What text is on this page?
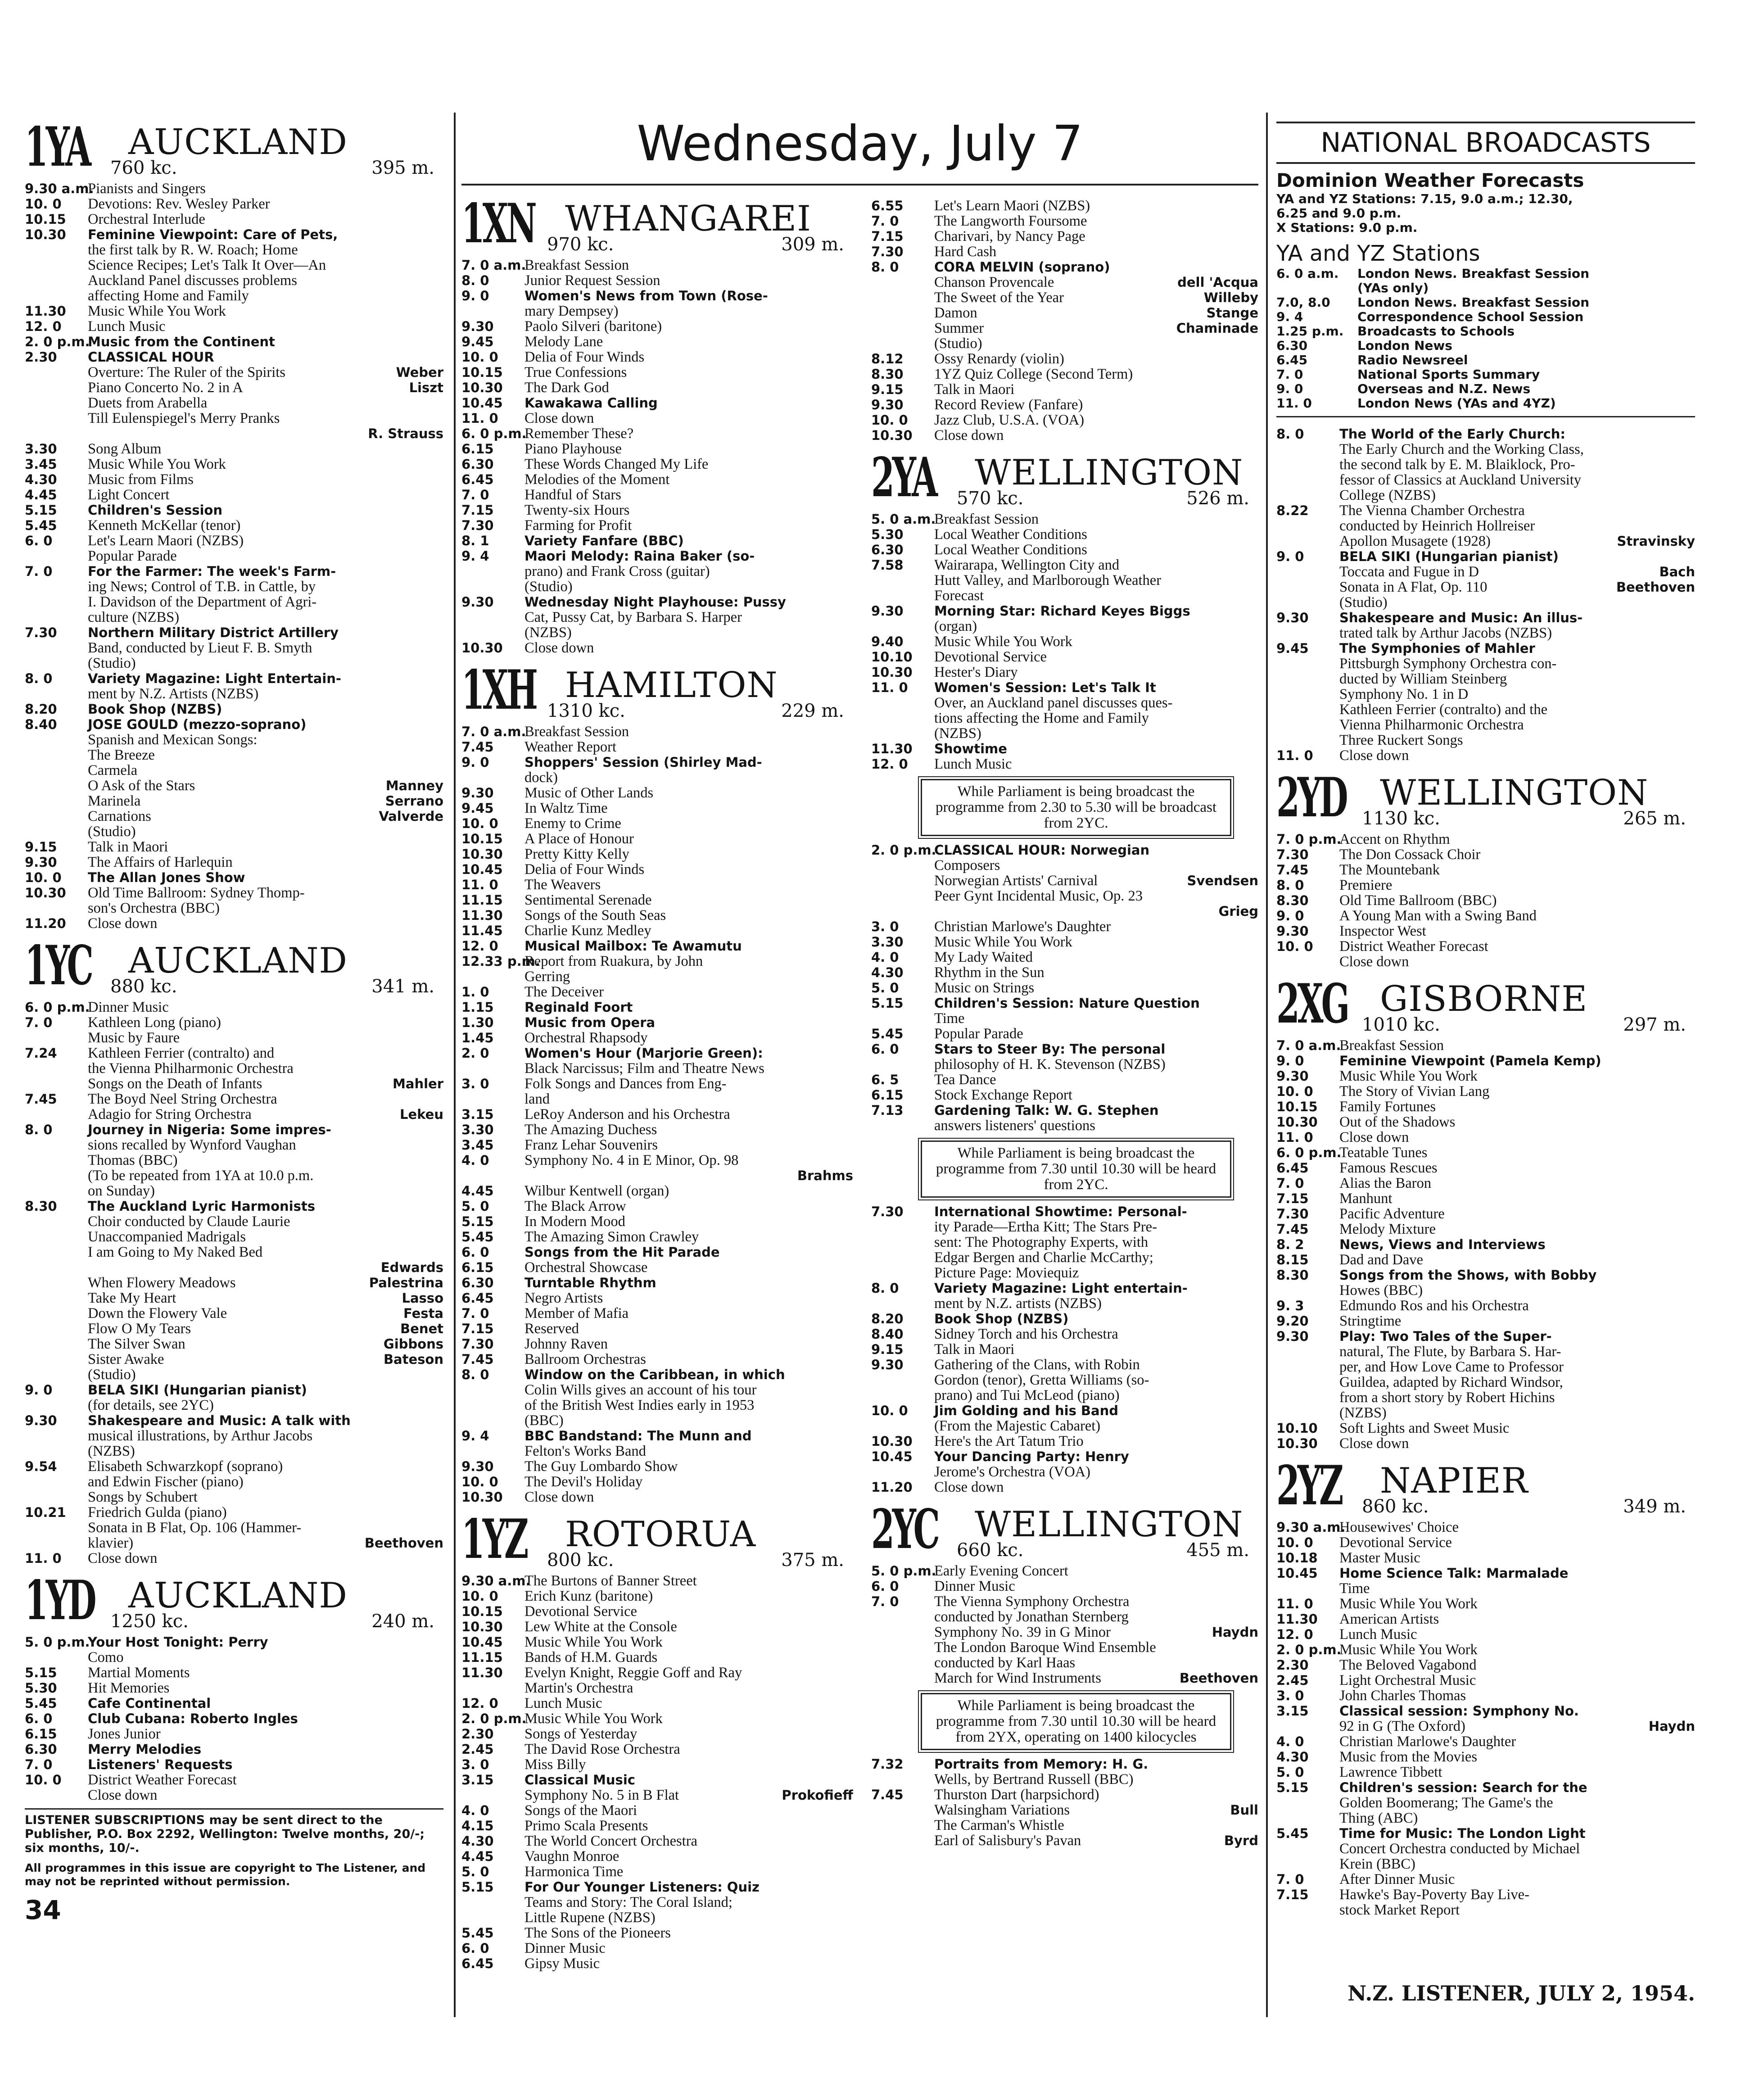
Wednesday, July 7
1YA AUCKLAND
760 kc.	395 m.
9.30 a.m.Pianists and Singers
10. 0 Devotions: Rev. Wesley Parker
10.15 Orchestral Interlude
10.30 Feminine Viewpoint: Care of Pets,
the first talk by R. W. Roach; Home
Science Recipes; Let's Talk It Over—An
Auckland Panel discusses problems
affecting Home and Family
11.30 Music While You Work
12. 0 Lunch Music
2. 0 p.m.Music from the Continent
2.30 CLASSICAL HOUR
Overture: The Ruler of the Spirits	Weber
Piano Concerto No. 2 in A	Liszt
Duets from Arabella
Till Eulenspiegel's Merry Pranks
R. Strauss
3.30 Song Album
3.45 Music While You Work
4.30 Music from Films
4.45 Light Concert
5.15 Children's Session
5.45 Kenneth McKellar (tenor)
6. 0 Let's Learn Maori (NZBS)
Popular Parade
7. 0	For the Farmer: The week's Farm-
ing News; Control of T.B. in Cattle, by
I. Davidson of the Department of Agri-
culture (NZBS)
7.30 Northern Military District Artillery
Band, conducted by Lieut F. B. Smyth
(Studio)
8. 0	Variety Magazine: Light Entertain-
ment by N.Z. Artists (NZBS)
8.20 Book Shop (NZBS)
8.40 JOSE GOULD (mezzo-soprano)
Spanish and Mexican Songs:
The Breeze
Carmela
O Ask of the Stars	Manney
Marinela	Serrano
Carnations	Valverde
(Studio)
9.15 Talk in Maori
9.30 The Affairs of Harlequin
10. 0 The Allan Jones Show
10.30 Old Time Ballroom: Sydney Thomp-
son's Orchestra (BBC)
11.20 Close down
1YC AUCKLAND
880 kc.	341 m.
6. 0 p.m.Dinner Music
7. 0 Kathleen Long (piano)
Music by Faure
7.24 Kathleen Ferrier (contralto) and
the Vienna Philharmonic Orchestra
Songs on the Death of Infants	Mahler
7.45 The Boyd Neel String Orchestra
Adagio for String Orchestra	Lekeu
8. 0	Journey in Nigeria: Some impres-
sions recalled by Wynford Vaughan
Thomas (BBC)
(To be repeated from 1YA at 10.0 p.m.
on Sunday)
8.30 The Auckland Lyric Harmonists
Choir conducted by Claude Laurie
Unaccompanied Madrigals
I am Going to My Naked Bed
Edwards
When Flowery Meadows	Palestrina
Take My Heart	Lasso
Down the Flowery Vale	Festa
Flow O My Tears	Benet
The Silver Swan	Gibbons
Sister Awake	Bateson
(Studio)
9. 0	BELA SIKI (Hungarian pianist)
(for details, see 2YC)
9.30 Shakespeare and Music: A talk with
musical illustrations, by Arthur Jacobs
(NZBS)
9.54 Elisabeth Schwarzkopf (soprano)
and Edwin Fischer (piano)
Songs by Schubert
10.21 Friedrich Gulda (piano)
Sonata in B Flat, Op. 106 (Hammer-
klavier)	Beethoven
11. 0 Close down
1YD AUCKLAND
1250 kc.	240 m.
5. 0 p.m.Your Host Tonight: Perry
Como
5.15 Martial Moments
5.30 Hit Memories
5.45 Cafe Continental
6. 0	Club Cubana: Roberto Ingles
6.15 Jones Junior
6.30 Merry Melodies
7. 0	Listeners' Requests
10. 0 District Weather Forecast
Close down
LISTENER SUBSCRIPTIONS may be sent direct to the Publisher, P.O. Box 2292, Wellington: Twelve months, 20/-; six months, 10/-.
All programmes in this issue are copyright to The Listener, and may not be reprinted without permission.
34
1XN WHANGAREI
970 kc.	309 m.
7. 0 a.m.Breakfast Session
8. 0 Junior Request Session
9. 0	Women's News from Town (Rose-
mary Dempsey)
9.30 Paolo Silveri (baritone)
9.45 Melody Lane
10. 0 Delia of Four Winds
10.15 True Confessions
10.30 The Dark God
10.45 Kawakawa Calling
11. 0 Close down
6. 0 p.m.Remember These?
6.15 Piano Playhouse
6.30 These Words Changed My Life
6.45 Melodies of the Moment
7. 0 Handful of Stars
7.15 Twenty-six Hours
7.30 Farming for Profit
8. 1	Variety Fanfare (BBC)
9. 4	Maori Melody: Raina Baker (so-
prano) and Frank Cross (guitar)
(Studio)
9.30 Wednesday Night Playhouse: Pussy
Cat, Pussy Cat, by Barbara S. Harper
(NZBS)
10.30 Close down
1XH HAMILTON
1310 kc.	229 m.
7. 0 a.m.Breakfast Session
7.45 Weather Report
9. 0	Shoppers' Session (Shirley Mad-
dock)
9.30 Music of Other Lands
9.45 In Waltz Time
10. 0 Enemy to Crime
10.15 A Place of Honour
10.30 Pretty Kitty Kelly
10.45 Delia of Four Winds
11. 0 The Weavers
11.15 Sentimental Serenade
11.30 Songs of the South Seas
11.45 Charlie Kunz Medley
12. 0 Musical Mailbox: Te Awamutu
12.33 p.m.Report from Ruakura, by John
Gerring
1. 0 The Deceiver
1.15 Reginald Foort
1.30 Music from Opera
1.45 Orchestral Rhapsody
2. 0	Women's Hour (Marjorie Green):
Black Narcissus; Film and Theatre News
3. 0 Folk Songs and Dances from Eng-
land
3.15 LeRoy Anderson and his Orchestra
3.30 The Amazing Duchess
3.45 Franz Lehar Souvenirs
4. 0 Symphony No. 4 in E Minor, Op. 98
Brahms
4.45 Wilbur Kentwell (organ)
5. 0 The Black Arrow
5.15 In Modern Mood
5.45 The Amazing Simon Crawley
6. 0	Songs from the Hit Parade
6.15 Orchestral Showcase
6.30 Turntable Rhythm
6.45 Negro Artists
7. 0 Member of Mafia
7.15 Reserved
7.30 Johnny Raven
7.45 Ballroom Orchestras
8. 0	Window on the Caribbean, in which
Colin Wills gives an account of his tour
of the British West Indies early in 1953
(BBC)
9. 4	BBC Bandstand: The Munn and
Felton's Works Band
9.30 The Guy Lombardo Show
10. 0 The Devil's Holiday
10.30 Close down
1YZ ROTORUA
800 kc.	375 m.
9.30 a.m.The Burtons of Banner Street
10. 0 Erich Kunz (baritone)
10.15 Devotional Service
10.30 Lew White at the Console
10.45 Music While You Work
11.15 Bands of H.M. Guards
11.30 Evelyn Knight, Reggie Goff and Ray
Martin's Orchestra
12. 0 Lunch Music
2. 0 p.m.Music While You Work
2.30 Songs of Yesterday
2.45 The David Rose Orchestra
3. 0 Miss Billy
3.15 Classical Music
Symphony No. 5 in B Flat	Prokofieff
4. 0 Songs of the Maori
4.15 Primo Scala Presents
4.30 The World Concert Orchestra
4.45 Vaughn Monroe
5. 0 Harmonica Time
5.15 For Our Younger Listeners: Quiz
Teams and Story: The Coral Island;
Little Rupene (NZBS)
5.45 The Sons of the Pioneers
6. 0 Dinner Music
6.45 Gipsy Music
6.55 Let's Learn Maori (NZBS)
7. 0 The Langworth Foursome
7.15 Charivari, by Nancy Page
7.30 Hard Cash
8. 0	CORA MELVIN (soprano)
Chanson Provencale	dell 'Acqua
The Sweet of the Year	Willeby
Damon	Stange
Summer	Chaminade
(Studio)
8.12 Ossy Renardy (violin)
8.30 1YZ Quiz College (Second Term)
9.15 Talk in Maori
9.30 Record Review (Fanfare)
10. 0 Jazz Club, U.S.A. (VOA)
10.30 Close down
2YA WELLINGTON
570 kc.	526 m.
5. 0 a.m.Breakfast Session
5.30 Local Weather Conditions
6.30 Local Weather Conditions
7.58 Wairarapa, Wellington City and
Hutt Valley, and Marlborough Weather
Forecast
9.30 Morning Star: Richard Keyes Biggs
(organ)
9.40 Music While You Work
10.10 Devotional Service
10.30 Hester's Diary
11. 0 Women's Session: Let's Talk It
Over, an Auckland panel discusses ques-
tions affecting the Home and Family
(NZBS)
11.30 Showtime
12. 0 Lunch Music
While Parliament is being broadcast the programme from 2.30 to 5.30 will be broadcast from 2YC.
2. 0 p.m.CLASSICAL HOUR: Norwegian
Composers
Norwegian Artists' Carnival	Svendsen
Peer Gynt Incidental Music, Op. 23
Grieg
3. 0 Christian Marlowe's Daughter
3.30 Music While You Work
4. 0 My Lady Waited
4.30 Rhythm in the Sun
5. 0 Music on Strings
5.15 Children's Session: Nature Question
Time
5.45 Popular Parade
6. 0	Stars to Steer By: The personal
philosophy of H. K. Stevenson (NZBS)
6. 5 Tea Dance
6.15 Stock Exchange Report
7.13 Gardening Talk: W. G. Stephen
answers listeners' questions
While Parliament is being broadcast the programme from 7.30 until 10.30 will be heard from 2YC.
7.30 International Showtime: Personal-
ity Parade—Ertha Kitt; The Stars Pre-
sent: The Photography Experts, with
Edgar Bergen and Charlie McCarthy;
Picture Page: Moviequiz
8. 0	Variety Magazine: Light entertain-
ment by N.Z. artists (NZBS)
8.20 Book Shop (NZBS)
8.40 Sidney Torch and his Orchestra
9.15 Talk in Maori
9.30 Gathering of the Clans, with Robin
Gordon (tenor), Gretta Williams (so-
prano) and Tui McLeod (piano)
10. 0 Jim Golding and his Band
(From the Majestic Cabaret)
10.30 Here's the Art Tatum Trio
10.45 Your Dancing Party: Henry
Jerome's Orchestra (VOA)
11.20 Close down
2YC WELLINGTON
660 kc.	455 m.
5. 0 p.m.Early Evening Concert
6. 0 Dinner Music
7. 0 The Vienna Symphony Orchestra
conducted by Jonathan Sternberg
Symphony No. 39 in G Minor	Haydn
The London Baroque Wind Ensemble
conducted by Karl Haas
March for Wind Instruments	Beethoven
While Parliament is being broadcast the programme from 7.30 until 10.30 will be heard from 2YX, operating on 1400 kilocycles
7.32 Portraits from Memory: H. G.
Wells, by Bertrand Russell (BBC)
7.45 Thurston Dart (harpsichord)
Walsingham Variations	Bull
The Carman's Whistle
Earl of Salisbury's Pavan	Byrd
NATIONAL BROADCASTS
Dominion Weather Forecasts
YA and YZ Stations: 7.15, 9.0 a.m.; 12.30,
6.25 and 9.0 p.m.
X Stations: 9.0 p.m.
YA and YZ Stations
6. 0 a.m. London News. Breakfast Session
(YAs only)
7.0, 8.0 London News. Breakfast Session
9. 4	Correspondence School Session
1.25 p.m. Broadcasts to Schools
6.30	London News
6.45	Radio Newsreel
7. 0	National Sports Summary
9. 0	Overseas and N.Z. News
11. 0	London News (YAs and 4YZ)
8. 0	The World of the Early Church:
The Early Church and the Working Class,
the second talk by E. M. Blaiklock, Pro-
fessor of Classics at Auckland University
College (NZBS)
8.22 The Vienna Chamber Orchestra
conducted by Heinrich Hollreiser
Apollon Musagete (1928)	Stravinsky
9. 0	BELA SIKI (Hungarian pianist)
Toccata and Fugue in D	Bach
Sonata in A Flat, Op. 110	Beethoven
(Studio)
9.30 Shakespeare and Music: An illus-
trated talk by Arthur Jacobs (NZBS)
9.45 The Symphonies of Mahler
Pittsburgh Symphony Orchestra con-
ducted by William Steinberg
Symphony No. 1 in D
Kathleen Ferrier (contralto) and the
Vienna Philharmonic Orchestra
Three Ruckert Songs
11. 0 Close down
2YD WELLINGTON
1130 kc.	265 m.
7. 0 p.m.Accent on Rhythm
7.30 The Don Cossack Choir
7.45 The Mountebank
8. 0 Premiere
8.30 Old Time Ballroom (BBC)
9. 0 A Young Man with a Swing Band
9.30 Inspector West
10. 0 District Weather Forecast
Close down
2XG GISBORNE
1010 kc.	297 m.
7. 0 a.m.Breakfast Session
9. 0	Feminine Viewpoint (Pamela Kemp)
9.30 Music While You Work
10. 0 The Story of Vivian Lang
10.15 Family Fortunes
10.30 Out of the Shadows
11. 0 Close down
6. 0 p.m.Teatable Tunes
6.45 Famous Rescues
7. 0 Alias the Baron
7.15 Manhunt
7.30 Pacific Adventure
7.45 Melody Mixture
8. 2	News, Views and Interviews
8.15 Dad and Dave
8.30 Songs from the Shows, with Bobby
Howes (BBC)
9. 3 Edmundo Ros and his Orchestra
9.20 Stringtime
9.30 Play: Two Tales of the Super-
natural, The Flute, by Barbara S. Har-
per, and How Love Came to Professor
Guildea, adapted by Richard Windsor,
from a short story by Robert Hichins
(NZBS)
10.10 Soft Lights and Sweet Music
10.30 Close down
2YZ NAPIER
860 kc.	349 m.
9.30 a.m.Housewives' Choice
10. 0 Devotional Service
10.18 Master Music
10.45 Home Science Talk: Marmalade
Time
11. 0 Music While You Work
11.30 American Artists
12. 0 Lunch Music
2. 0 p.m.Music While You Work
2.30 The Beloved Vagabond
2.45 Light Orchestral Music
3. 0 John Charles Thomas
3.15 Classical session: Symphony No.
92 in G (The Oxford)	Haydn
4. 0 Christian Marlowe's Daughter
4.30 Music from the Movies
5. 0 Lawrence Tibbett
5.15 Children's session: Search for the
Golden Boomerang; The Game's the
Thing (ABC)
5.45 Time for Music: The London Light
Concert Orchestra conducted by Michael
Krein (BBC)
7. 0 After Dinner Music
7.15 Hawke's Bay-Poverty Bay Live-
stock Market Report
N.Z. LISTENER, JULY 2, 1954.
